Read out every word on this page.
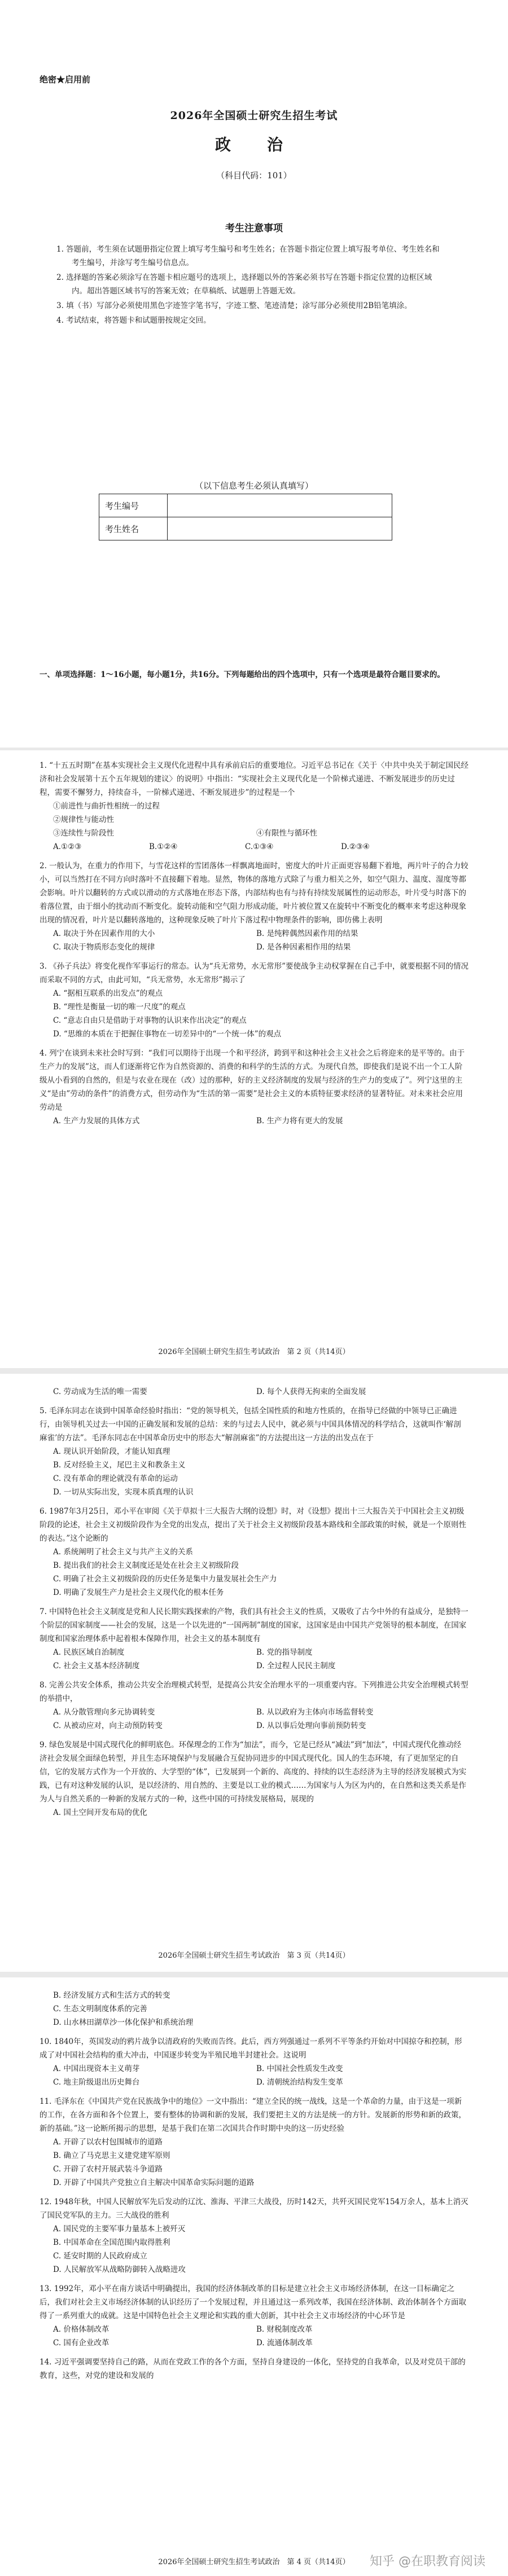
绝密★启用前
2026年全国硕士研究生招生考试
政　治
（科目代码：101）
考生注意事项

1. 答题前，考生须在试题册指定位置上填写考生编号和考生姓名；在答题卡指定位置上填写报考单位、考生姓名和考生编号，并涂写考生编号信息点。

2. 选择题的答案必须涂写在答题卡相应题号的选项上，选择题以外的答案必须书写在答题卡指定位置的边框区域内。超出答题区域书写的答案无效；在草稿纸、试题册上答题无效。

3. 填（书）写部分必须使用黑色字迹签字笔书写，字迹工整、笔迹清楚；涂写部分必须使用2B铅笔填涂。

4. 考试结束，将答题卡和试题册按规定交回。

（以下信息考生必须认真填写）
考生编号	
考生姓名	
一、单项选择题：1～16小题，每小题1分，共16分。下列每题给出的四个选项中，只有一个选项是最符合题目要求的。

1. “十五五时期”在基本实现社会主义现代化进程中具有承前启后的重要地位。习近平总书记在《关于〈中共中央关于制定国民经济和社会发展第十五个五年规划的建议〉的说明》中指出：“实现社会主义现代化是一个阶梯式递进、不断发展进步的历史过程，需要不懈努力，持续奋斗，一阶梯式递进、不断发展进步”的过程是一个

①前进性与曲折性相统一的过程

②规律性与能动性
③连续性与阶段性	④有限性与循环性
A.①②③	B.①②④	C.①③④	D.②③④

2. 一般认为，在重力的作用下，与雪花这样的雪团落体一样飘离地面时，密度大的叶片正面更容易翻下着地，两片叶子的合力较小，可以当然打在不同方向时落叶不直接翻下着地。显然，物体的落地方式除了与重力相关之外，如空气阻力、温度、湿度等都会影响。叶片以翻转的方式或以滑动的方式落地在形态下落，内部结构也有与持有持续发展属性的运动形态，叶片受与时落下的着落位置，由于细小的扰动而不断变化。旋转动能和空气阻力形成动能，叶片被位置又在旋转中不断变化的概率来考虑这种现象出现的情况看，叶片是以翻转落地的，这种现象反映了叶片下落过程中物理条件的影响，即仿佛上表明

A. 取决于外在因素作用的大小	B. 是纯粹偶然因素作用的结果
C. 取决于物质形态变化的规律	D. 是各种因素相作用的结果

3. 《孙子兵法》将变化视作军事运行的常态。认为“兵无常势，水无常形”要使战争主动权掌握在自己手中，就要根据不同的情况而采取不同的方式，由此可知，“兵无常势，水无常形”揭示了

A. “据相互联系的出发点”的观点

B. “理性是衡量一切的唯一尺度”的观点

C. “意志自由只是借助于对事物的认识来作出决定”的观点

D. “思维的本质在于把握住事物在一切差异中的“一个统一体”的观点

4. 列宁在谈到未来社会时写到：“我们可以期待于出现一个和平经济，跨到平和这种社会主义社会之后将迎来的是平等的。由于生产力的发展”这，而人们逐渐将它作为自然资源的、消费的和科学的生活的方式。为现代自然，即使我们是说不出一个工人阶级从小看到的自然的，但是与农业在现在（改）过的那种，好的主义经济制度的发展与经济的生产力的变成了”。列宁这里的主义“是由”劳动的条件”的消费方式，但劳动作为“生活的第一需要”是社会主义的本质特征要求经济的显著特征。对未来社会应用劳动是

A. 生产力发展的具体方式	B. 生产力将有更大的发展
2026年全国硕士研究生招生考试政治　第 2 页（共14页）
C. 劳动成为生活的唯一需要	D. 每个人获得无拘束的全面发展

5. 毛泽东同志在谈到中国革命经验时指出：“党的领导机关，包括全国性质的和地方性质的，在指导已经做的中领导已正确进行，由领导机关过去一中国的正确发展和发展的总结：来的与过去人民中，就必须与中国具体情况的科学结合，这就叫作‘解剖麻雀’的方法”。毛泽东同志在中国革命历史中的形态大“解剖麻雀”的方法提出这一方法的出发点在于

A. 现认识开始阶段，才能认知真理

B. 反对经验主义，尾巴主义和教条主义

C. 没有革命的理论就没有革命的运动

D. 一切从实际出发，实现本质真理的认识

6. 1987年3月25日，邓小平在审阅《关于草拟十三大报告大纲的设想》时，对《设想》提出十三大报告关于中国社会主义初级阶段的论述，社会主义初级阶段作为全党的出发点，提出了关于社会主义初级阶段基本路线和全部政策的时候，就是一个原则性的表达。”这个论断的

A. 系统阐明了社会主义与共产主义的关系

B. 提出我们的社会主义制度还是处在社会主义初级阶段

C. 明确了社会主义初级阶段的历史任务是集中力量发展社会生产力

D. 明确了发展生产力是社会主义现代化的根本任务

7. 中国特色社会主义制度是党和人民长期实践探索的产物，我们具有社会主义的性质，又吸收了古今中外的有益成分，是独特一个阶层的国家制度——社会的发展，这是一个以先进的“一国两制”制度的国家，这国家是由中国共产党领导的根本制度，在国家制度和国家治理体系中起着根本保障作用，社会主义的基本制度有

A. 民族区域自治制度	B. 党的指导制度
C. 社会主义基本经济制度	D. 全过程人民民主制度

8. 完善公共安全体系，推动公共安全治理模式转型，是提高公共安全治理水平的一项重要内容。下列推进公共安全治理模式转型的举措中，

A. 从分散管理向多元协调转变	B. 从以政府为主体向市场监督转变
C. 从被动应对，向主动预防转变	D. 从以事后处理向事前预防转变

9. 绿色发展是中国式现代化的鲜明底色。环保理念的工作为“加法”，而今，它是已经从“减法”到“加法”，中国式现代化推动经济社会发展全面绿色转型，并且生态环境保护与发展融合互促协同进步的中国式现代化。国人的生态环境，有了更加坚定的自信，它的发展方式作为一个开放的、大学型的“体”，已发展到一个新的、高度的、持续的以生态经济为主导的经济发展模式为实践，已有对这种发展的认识，是以经济的、用自然的、主要是以工业的模式……为国家与人为区为内的，在自然和这类关系是作为人与自然关系的一种新的发展方式的一种，这些中国的可持续发展格局，展现的

A. 国土空间开发布局的优化

2026年全国硕士研究生招生考试政治　第 3 页（共14页）

B. 经济发展方式和生活方式的转变

C. 生态文明制度体系的完善

D. 山水林田湖草沙一体化保护和系统治理

10. 1840年，英国发动的鸦片战争以清政府的失败而告终。此后，西方列强通过一系列不平等条约开始对中国掠夺和控制，形成了对中国社会结构的重大冲击，中国逐步转变为半殖民地半封建社会。这说明

A. 中国出现资本主义萌芽	B. 中国社会性质发生改变
C. 地主阶级退出历史舞台	D. 清朝统治结构发生变革

11. 毛泽东在《中国共产党在民族战争中的地位》一文中指出：“建立全民的统一战线，这是一个革命的力量，由于这是一项新的工作，在各方面和各个位置上，要有整体的协调和新的发展，我们要把主义的方法是统一的方针。发展新的形势和新的政策，新的基础。”这一论断所揭示的思想，是基于我们在第二次国共合作时期中央的这一历史经验

A. 开辟了以农村包围城市的道路

B. 确立了马克思主义建党建军原则

C. 开辟了农村开展武装斗争道路

D. 开辟了中国共产党独立自主解决中国革命实际问题的道路

12. 1948年秋，中国人民解放军先后发动的辽沈、淮海、平津三大战役，历时142天，共歼灭国民党军154万余人，基本上消灭了国民党军队的主力。三大战役的胜利

A. 国民党的主要军事力量基本上被歼灭

B. 中国革命在全国范围内取得胜利

C. 延安时期的人民政府成立

D. 人民解放军从战略防御转入战略进攻

13. 1992年，邓小平在南方谈话中明确提出，我国的经济体制改革的目标是建立社会主义市场经济体制，在这一目标确定之后，我们对社会主义市场经济体制的认识经历了一个发展过程，并且通过这一系列改革，我国在经济体制、政治体制各个方面取得了一系列重大的成就。这是中国特色社会主义理论和实践的重大创新，其中社会主义市场经济的中心环节是

A. 价格体制改革	B. 财税制度改革
C. 国有企业改革	D. 流通体制改革

14. 习近平强调要坚持自己的路，从而在党政工作的各个方面，坚持自身建设的一体化，坚持党的自我革命，以及对党员干部的教育，这些，对党的建设和发展的

2026年全国硕士研究生招生考试政治　第 4 页（共14页）	知乎 @在职教育阅读
